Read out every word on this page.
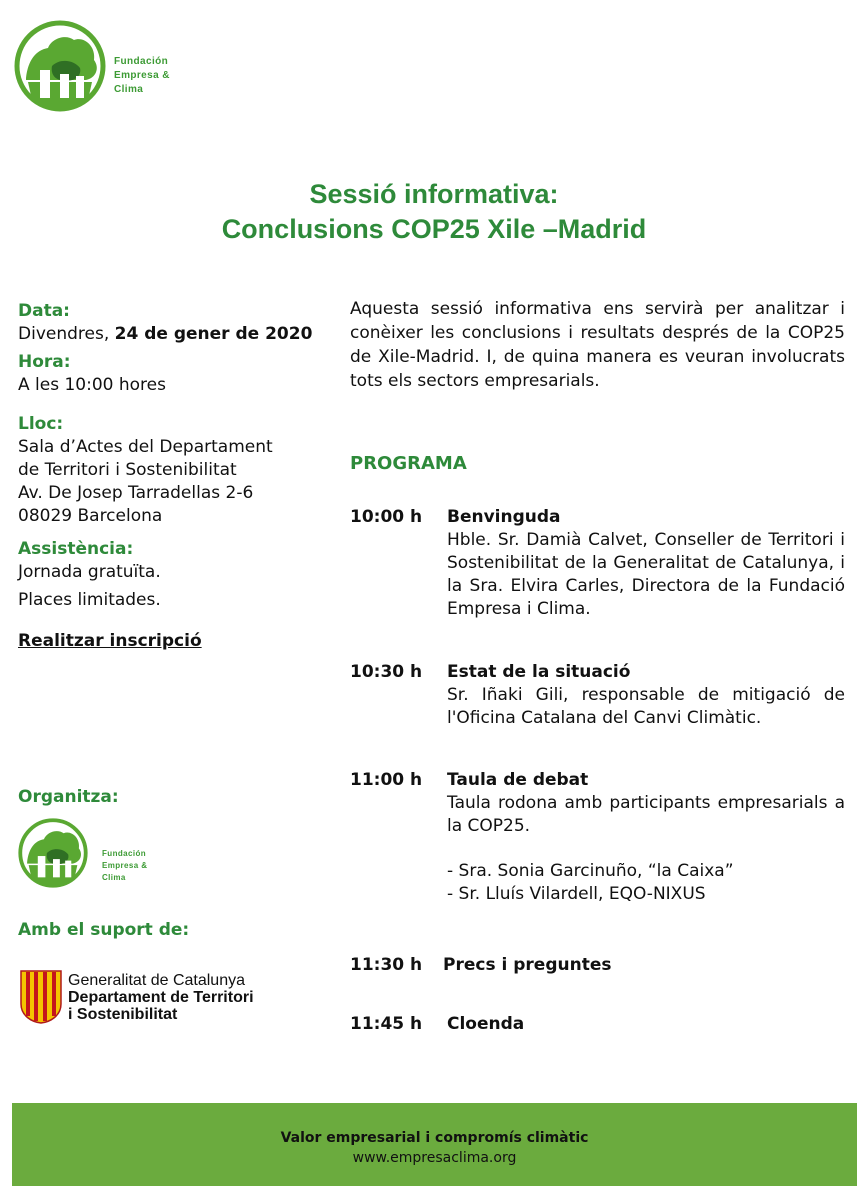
Fundación
Empresa &
Clima
Sessió informativa:
Conclusions COP25 Xile –Madrid
Data:
Divendres, 24 de gener de 2020
Hora:
A les 10:00 hores
Lloc:
Sala d’Actes del Departament
de Territori i Sostenibilitat
Av. De Josep Tarradellas 2-6
08029 Barcelona
Assistència:
Jornada gratuïta.
Places limitades.
Realitzar inscripció
Organitza:
Fundación
Empresa &
Clima
Amb el suport de:
Generalitat de Catalunya
Departament de Territori
i Sostenibilitat
Aquesta sessió informativa ens servirà per analitzar i conèixer les conclusions i resultats després de la COP25 de Xile-Madrid. I, de quina manera es veuran involucrats tots els sectors empresarials.
PROGRAMA
10:00 h Benvinguda
Hble. Sr. Damià Calvet, Conseller de Territori i Sostenibilitat de la Generalitat de Catalunya, i la Sra. Elvira Carles, Directora de la Fundació Empresa i Clima.
10:30 h Estat de la situació
Sr. Iñaki Gili, responsable de mitigació de l'Oficina Catalana del Canvi Climàtic.
11:00 h Taula de debat
Taula rodona amb participants empresarials a la COP25.
- Sra. Sonia Garcinuño, “la Caixa”
- Sr. Lluís Vilardell, EQO-NIXUS
11:30 h Precs i preguntes
11:45 h Cloenda
Valor empresarial i compromís climàtic
www.empresaclima.org
